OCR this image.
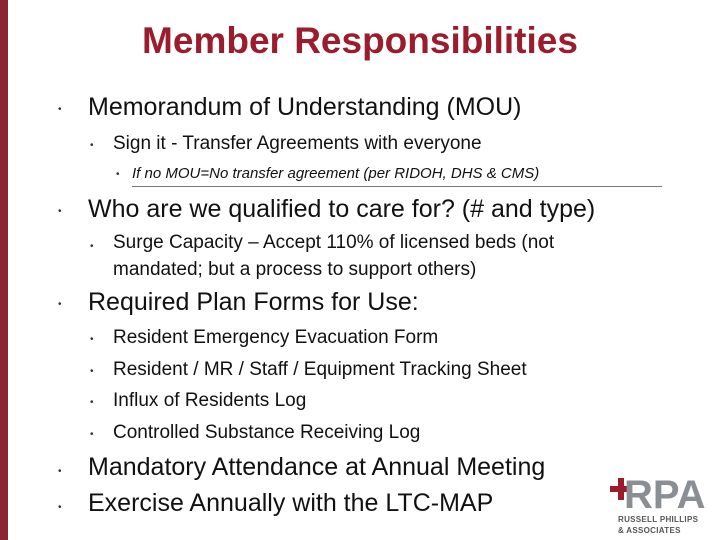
Member Responsibilities
• Memorandum of Understanding (MOU)
• Sign it - Transfer Agreements with everyone
• If no MOU=No transfer agreement (per RIDOH, DHS & CMS)
• Who are we qualified to care for? (# and type)
• Surge Capacity – Accept 110% of licensed beds (not
mandated; but a process to support others)
• Required Plan Forms for Use:
• Resident Emergency Evacuation Form
• Resident / MR / Staff / Equipment Tracking Sheet
• Influx of Residents Log
• Controlled Substance Receiving Log
• Mandatory Attendance at Annual Meeting
• Exercise Annually with the LTC-MAP	RPA
RUSSELL PHILLIPS
& ASSOCIATES
